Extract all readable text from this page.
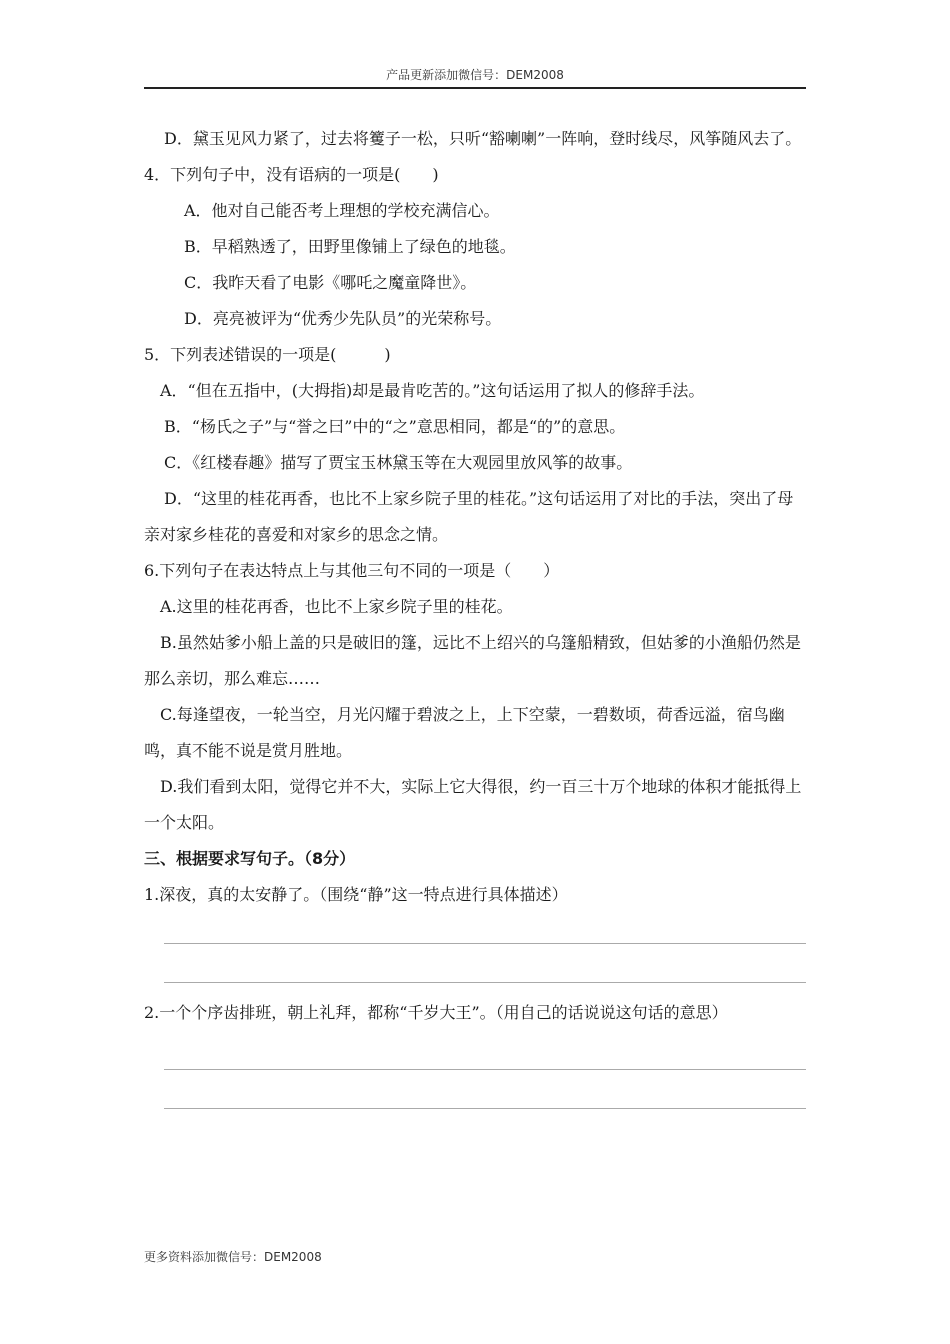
产品更新添加微信号：DEM2008

D．黛玉见风力紧了，过去将籆子一松，只听“豁喇喇”一阵响，登时线尽，风筝随风去了。

4．下列句子中，没有语病的一项是(　　)

A．他对自己能否考上理想的学校充满信心。

B．早稻熟透了，田野里像铺上了绿色的地毯。

C．我昨天看了电影《哪吒之魔童降世》。

D．亮亮被评为“优秀少先队员”的光荣称号。

5．下列表述错误的一项是(　　　)

A．“但在五指中，(大拇指)却是最肯吃苦的。”这句话运用了拟人的修辞手法。

B．“杨氏之子”与“誉之曰”中的“之”意思相同，都是“的”的意思。

C．《红楼春趣》描写了贾宝玉林黛玉等在大观园里放风筝的故事。

D．“这里的桂花再香，也比不上家乡院子里的桂花。”这句话运用了对比的手法，突出了母亲对家乡桂花的喜爱和对家乡的思念之情。

6.下列句子在表达特点上与其他三句不同的一项是（　　）

A.这里的桂花再香，也比不上家乡院子里的桂花。

B.虽然姑爹小船上盖的只是破旧的篷，远比不上绍兴的乌篷船精致，但姑爹的小渔船仍然是那么亲切，那么难忘……

C.每逢望夜，一轮当空，月光闪耀于碧波之上，上下空蒙，一碧数顷，荷香远溢，宿鸟幽鸣，真不能不说是赏月胜地。

D.我们看到太阳，觉得它并不大，实际上它大得很，约一百三十万个地球的体积才能抵得上一个太阳。

三、根据要求写句子。（8分）

1.深夜，真的太安静了。（围绕“静”这一特点进行具体描述）

2.一个个序齿排班，朝上礼拜，都称“千岁大王”。（用自己的话说说这句话的意思）

更多资料添加微信号：DEM2008
